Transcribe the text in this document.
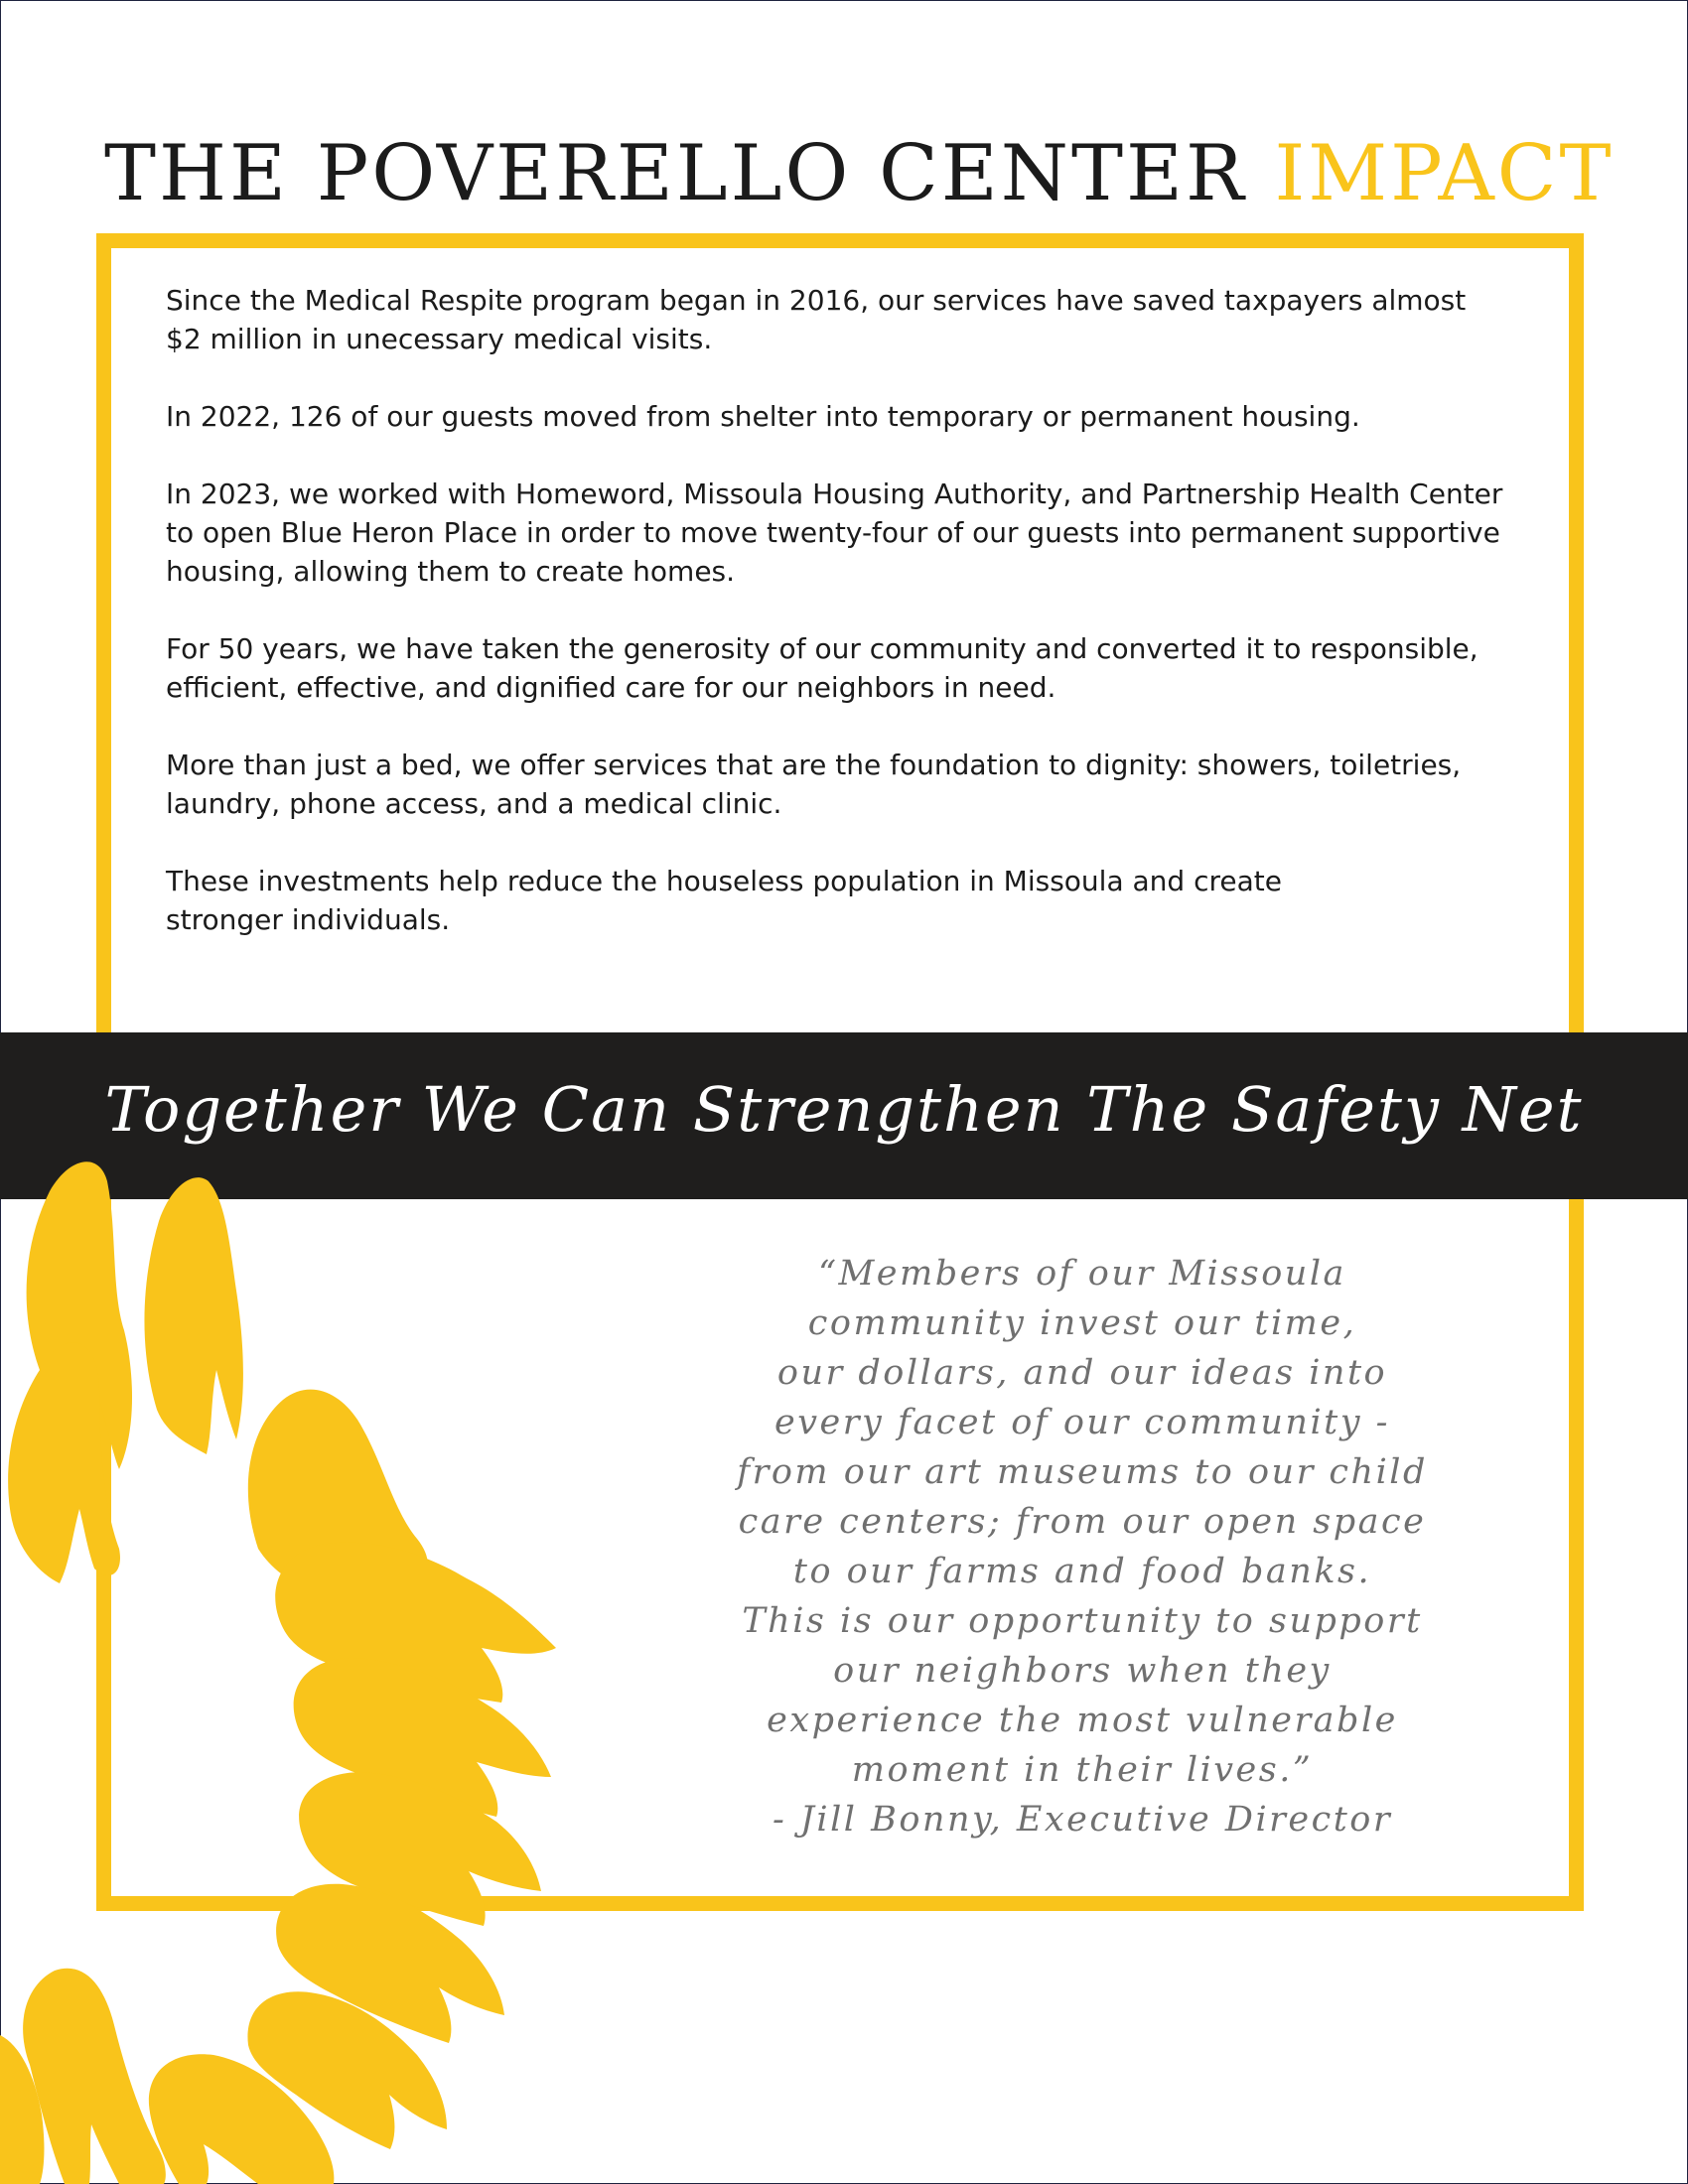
THE POVERELLO CENTER IMPACT

Since the Medical Respite program began in 2016, our services have saved taxpayers almost
$2 million in unecessary medical visits.

In 2022, 126 of our guests moved from shelter into temporary or permanent housing.

In 2023, we worked with Homeword, Missoula Housing Authority, and Partnership Health Center
to open Blue Heron Place in order to move twenty-four of our guests into permanent supportive
housing, allowing them to create homes.

For 50 years, we have taken the generosity of our community and converted it to responsible,
efficient, effective, and dignified care for our neighbors in need.

More than just a bed, we offer services that are the foundation to dignity: showers, toiletries,
laundry, phone access, and a medical clinic.

These investments help reduce the houseless population in Missoula and create
stronger individuals.

Together We Can Strengthen The Safety Net
“Members of our Missoula
community invest our time,
our dollars, and our ideas into
every facet of our community -
from our art museums to our child
care centers; from our open space
to our farms and food banks.
This is our opportunity to support
our neighbors when they
experience the most vulnerable
moment in their lives.”
- Jill Bonny, Executive Director
